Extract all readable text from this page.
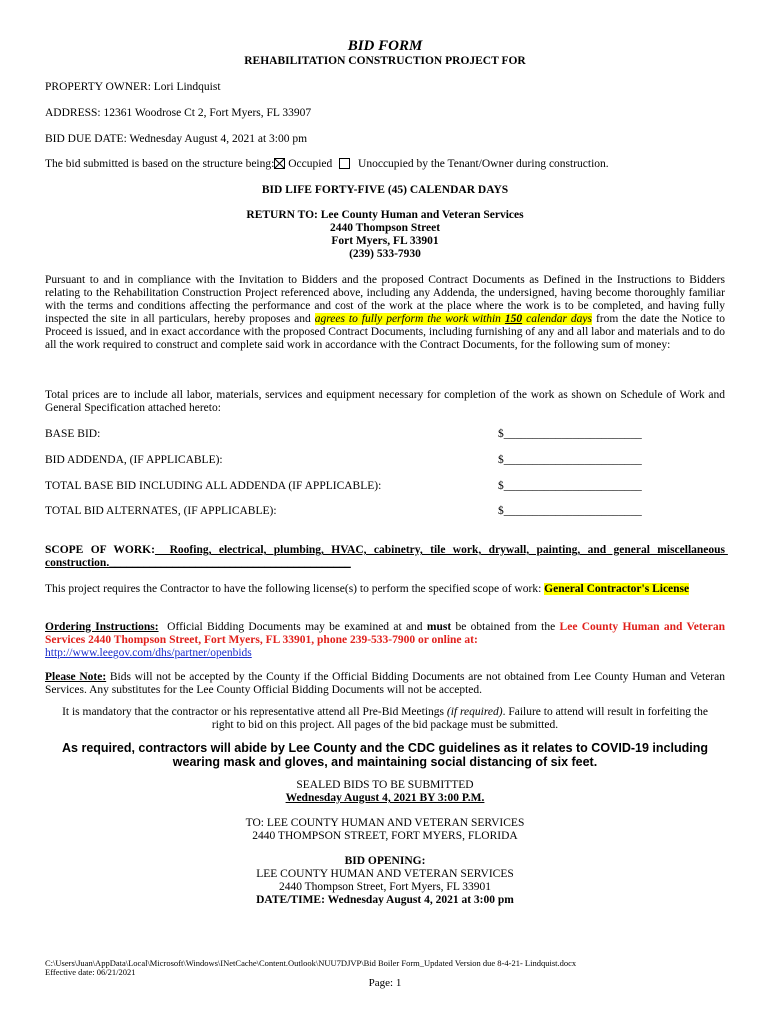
BID FORM
REHABILITATION CONSTRUCTION PROJECT FOR
PROPERTY OWNER: Lori Lindquist
ADDRESS: 12361 Woodrose Ct 2, Fort Myers, FL 33907
BID DUE DATE: Wednesday August 4, 2021 at 3:00 pm
The bid submitted is based on the structure being: Occupied Unoccupied by the Tenant/Owner during construction.
BID LIFE FORTY-FIVE (45) CALENDAR DAYS
RETURN TO: Lee County Human and Veteran Services
2440 Thompson Street
Fort Myers, FL 33901
(239) 533-7930
Pursuant to and in compliance with the Invitation to Bidders and the proposed Contract Documents as Defined in the Instructions to Bidders relating to the Rehabilitation Construction Project referenced above, including any Addenda, the undersigned, having become thoroughly familiar with the terms and conditions affecting the performance and cost of the work at the place where the work is to be completed, and having fully inspected the site in all particulars, hereby proposes and agrees to fully perform the work within 150 calendar days from the date the Notice to Proceed is issued, and in exact accordance with the proposed Contract Documents, including furnishing of any and all labor and materials and to do all the work required to construct and complete said work in accordance with the Contract Documents, for the following sum of money:
Total prices are to include all labor, materials, services and equipment necessary for completion of the work as shown on Schedule of Work and General Specification attached hereto:
BASE BID:	$________________________
BID ADDENDA, (IF APPLICABLE):	$________________________
TOTAL BASE BID INCLUDING ALL ADDENDA (IF APPLICABLE):	$________________________
TOTAL BID ALTERNATES, (IF APPLICABLE):	$________________________
SCOPE OF WORK:  Roofing, electrical, plumbing, HVAC, cabinetry, tile work, drywall, painting, and general miscellaneous construction.__________________________________________
This project requires the Contractor to have the following license(s) to perform the specified scope of work: General Contractor's License
Ordering Instructions:  Official Bidding Documents may be examined at and must be obtained from the Lee County Human and Veteran Services 2440 Thompson Street, Fort Myers, FL 33901, phone 239-533-7900 or online at:
http://www.leegov.com/dhs/partner/openbids
Please Note: Bids will not be accepted by the County if the Official Bidding Documents are not obtained from Lee County Human and Veteran Services. Any substitutes for the Lee County Official Bidding Documents will not be accepted.
It is mandatory that the contractor or his representative attend all Pre-Bid Meetings (if required). Failure to attend will result in forfeiting the right to bid on this project. All pages of the bid package must be submitted.
As required, contractors will abide by Lee County and the CDC guidelines as it relates to COVID-19 including wearing mask and gloves, and maintaining social distancing of six feet.
SEALED BIDS TO BE SUBMITTED
Wednesday August 4, 2021 BY 3:00 P.M.
TO: LEE COUNTY HUMAN AND VETERAN SERVICES
2440 THOMPSON STREET, FORT MYERS, FLORIDA
BID OPENING:
LEE COUNTY HUMAN AND VETERAN SERVICES
2440 Thompson Street, Fort Myers, FL 33901
DATE/TIME: Wednesday August 4, 2021 at 3:00 pm
C:\Users\Juan\AppData\Local\Microsoft\Windows\INetCache\Content.Outlook\NUU7DJVP\Bid Boiler Form_Updated Version due 8-4-21- Lindquist.docx
Effective date: 06/21/2021
Page: 1
